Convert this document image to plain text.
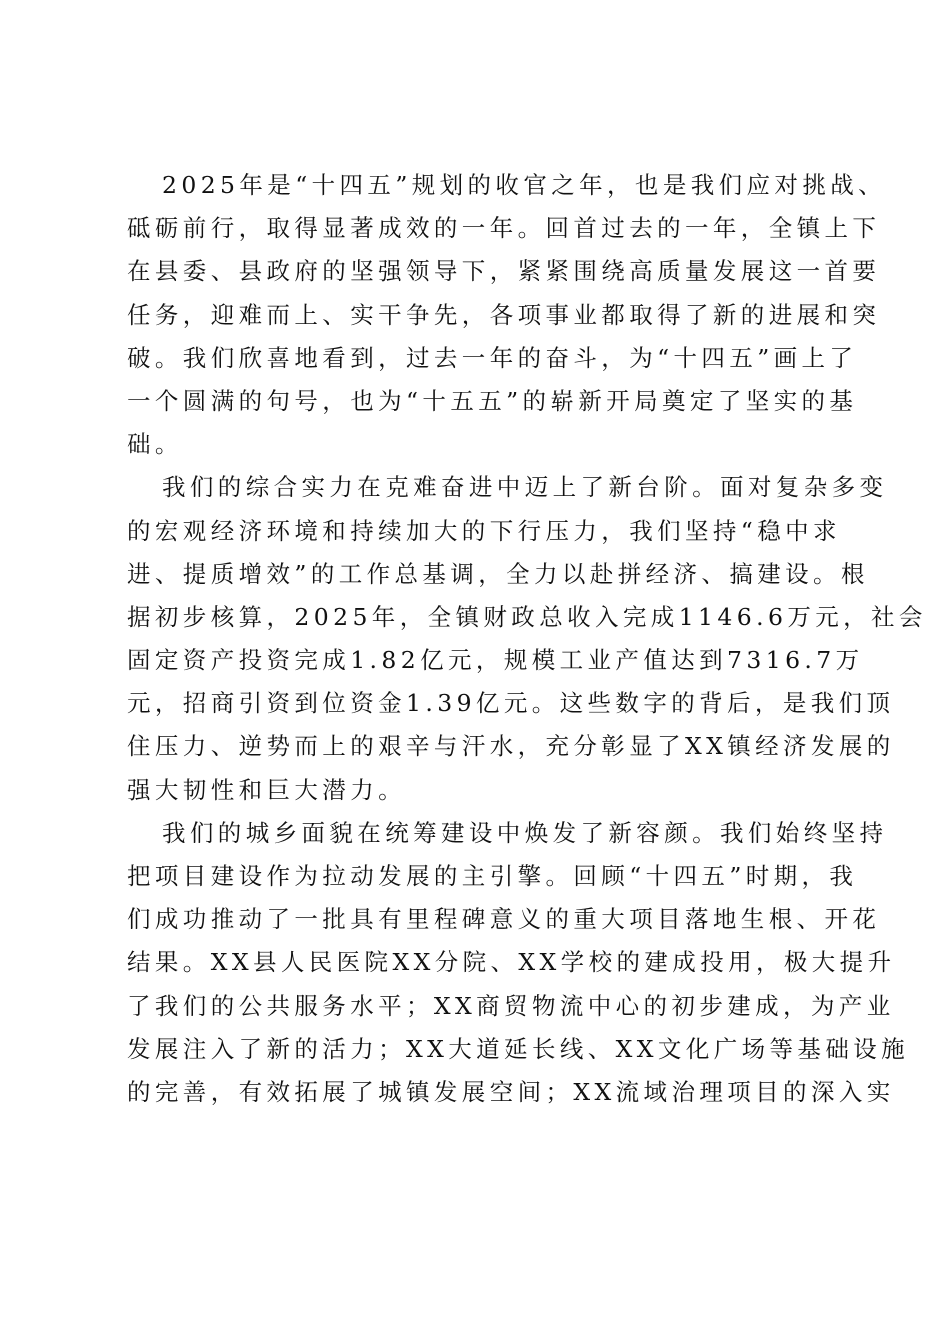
2025年是“十四五”规划的收官之年，也是我们应对挑战、
砥砺前行，取得显著成效的一年。回首过去的一年，全镇上下
在县委、县政府的坚强领导下，紧紧围绕高质量发展这一首要
任务，迎难而上、实干争先，各项事业都取得了新的进展和突
破。我们欣喜地看到，过去一年的奋斗，为“十四五”画上了
一个圆满的句号，也为“十五五”的崭新开局奠定了坚实的基
础。
我们的综合实力在克难奋进中迈上了新台阶。面对复杂多变
的宏观经济环境和持续加大的下行压力，我们坚持“稳中求
进、提质增效”的工作总基调，全力以赴拼经济、搞建设。根
据初步核算，2025年，全镇财政总收入完成1146.6万元，社会
固定资产投资完成1.82亿元，规模工业产值达到7316.7万
元，招商引资到位资金1.39亿元。这些数字的背后，是我们顶
住压力、逆势而上的艰辛与汗水，充分彰显了XX镇经济发展的
强大韧性和巨大潜力。
我们的城乡面貌在统筹建设中焕发了新容颜。我们始终坚持
把项目建设作为拉动发展的主引擎。回顾“十四五”时期，我
们成功推动了一批具有里程碑意义的重大项目落地生根、开花
结果。XX县人民医院XX分院、XX学校的建成投用，极大提升
了我们的公共服务水平；XX商贸物流中心的初步建成，为产业
发展注入了新的活力；XX大道延长线、XX文化广场等基础设施
的完善，有效拓展了城镇发展空间；XX流域治理项目的深入实
